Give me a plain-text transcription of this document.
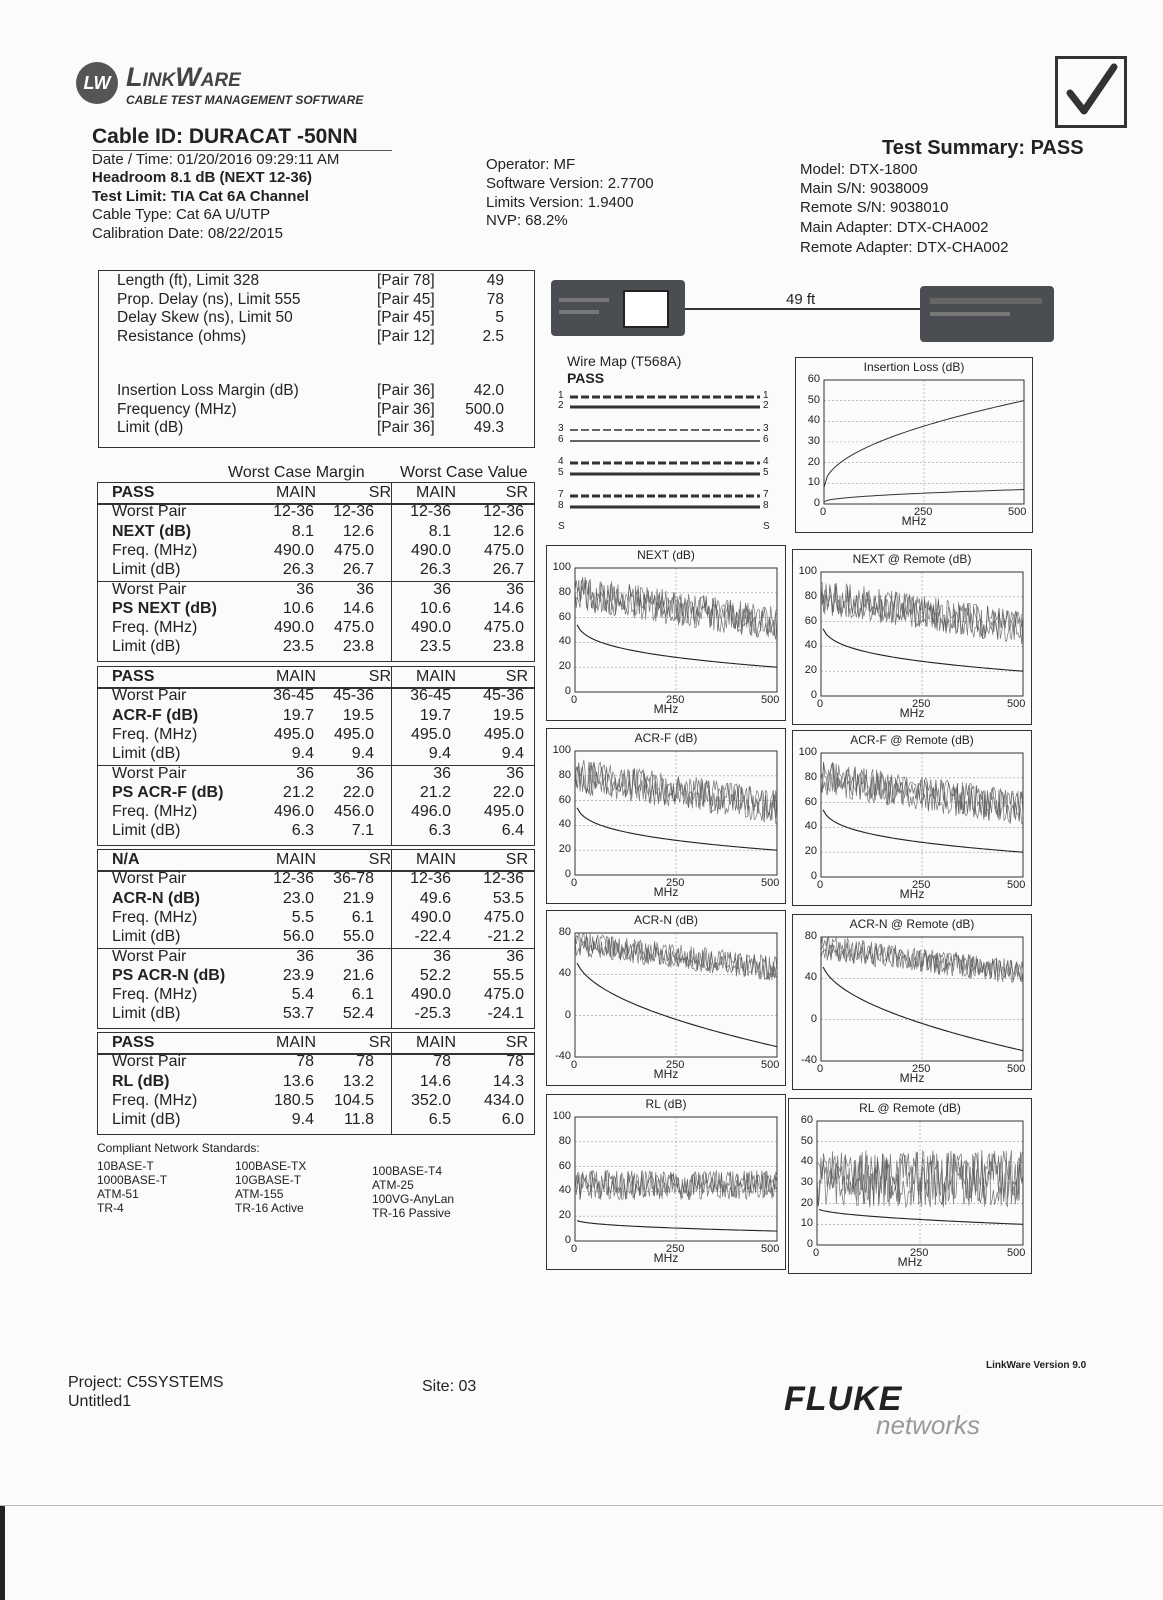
LW LinkWare
CABLE TEST MANAGEMENT SOFTWARE
Cable ID: DURACAT -50NN
Date / Time: 01/20/2016 09:29:11 AM
Headroom 8.1 dB (NEXT 12-36)
Test Limit: TIA Cat 6A Channel
Cable Type: Cat 6A U/UTP
Calibration Date: 08/22/2015
Operator: MF
Software Version: 2.7700
Limits Version: 1.9400
NVP: 68.2%
Test Summary: PASS
Model: DTX-1800
Main S/N: 9038009
Remote S/N: 9038010
Main Adapter: DTX-CHA002
Remote Adapter: DTX-CHA002
Length (ft), Limit 328	[Pair 78]	49
Prop. Delay (ns), Limit 555	[Pair 45]	78
Delay Skew (ns), Limit 50	[Pair 45]	5
Resistance (ohms)	[Pair 12]	2.5
Insertion Loss Margin (dB)	[Pair 36]	42.0
Frequency (MHz)	[Pair 36] 500.0
Limit (dB)	[Pair 36]	49.3
Worst Case Margin Worst Case Value
PASS	MAIN	SR MAIN	SR
Worst Pair	12-36 12-36 12-36 12-36
NEXT (dB)	8.1 12.6	8.1	12.6
Freq. (MHz)	490.0 475.0 490.0 475.0
Limit (dB)	26.3 26.7	26.3	26.7
Worst Pair	36	36	36	36
PS NEXT (dB)	10.6 14.6	10.6	14.6
Freq. (MHz)	490.0 475.0 490.0 475.0
Limit (dB)	23.5 23.8	23.5	23.8
PASS	MAIN	SR MAIN	SR
Worst Pair	36-45 45-36 36-45 45-36
ACR-F (dB)	19.7 19.5	19.7	19.5
Freq. (MHz)	495.0 495.0 495.0 495.0
Limit (dB)	9.4 9.4	9.4	9.4
Worst Pair	36	36	36	36
PS ACR-F (dB)	21.2 22.0	21.2	22.0
Freq. (MHz)	496.0 456.0 496.0 495.0
Limit (dB)	6.3 7.1	6.3	6.4
N/A	MAIN	SR MAIN	SR
Worst Pair	12-36 36-78 12-36 12-36
ACR-N (dB)	23.0 21.9	49.6	53.5
Freq. (MHz)	5.5 6.1 490.0 475.0
Limit (dB)	56.0 55.0	-22.4 -21.2
Worst Pair	36	36	36	36
PS ACR-N (dB)	23.9 21.6	52.2	55.5
Freq. (MHz)	5.4 6.1 490.0 475.0
Limit (dB)	53.7 52.4	-25.3 -24.1
PASS	MAIN	SR MAIN	SR
Worst Pair	78	78	78	78
RL (dB)	13.6 13.2	14.6	14.3
Freq. (MHz)	180.5 104.5 352.0 434.0
Limit (dB)	9.4 11.8	6.5	6.0
Compliant Network Standards:
10BASE-T
1000BASE-T
ATM-51
TR-4
100BASE-TX
10GBASE-T
ATM-155
TR-16 Active
100BASE-T4
ATM-25
100VG-AnyLan
TR-16 Passive
49 ft
Wire Map (T568A)
PASS
1	1
2	2
3	3
6	6
4	4
5	5
7	7
8	8
S	S
Insertion Loss (dB)
MHz
60
50
40
30
20
10
0
0	250	500
NEXT (dB)
MHz
100
80
60
40
20
0
0	250	500
NEXT @ Remote (dB)
MHz
100
80
60
40
20
0
0	250	500
ACR-F (dB)
MHz
100
80
60
40
20
0
0	250	500
ACR-F @ Remote (dB)
MHz
100
80
60
40
20
0
0	250	500
ACR-N (dB)
MHz
80
40
0
-40
0	250	500
ACR-N @ Remote (dB)
MHz
80
40
0
-40
0	250	500
RL (dB)
MHz
100
80
60
40
20
0
0	250	500
RL @ Remote (dB)
MHz
60
50
40
30
20
10
0
0	250	500
LinkWare Version 9.0
Project: C5SYSTEMS
Untitled1
Site: 03	FLUKE
networks
